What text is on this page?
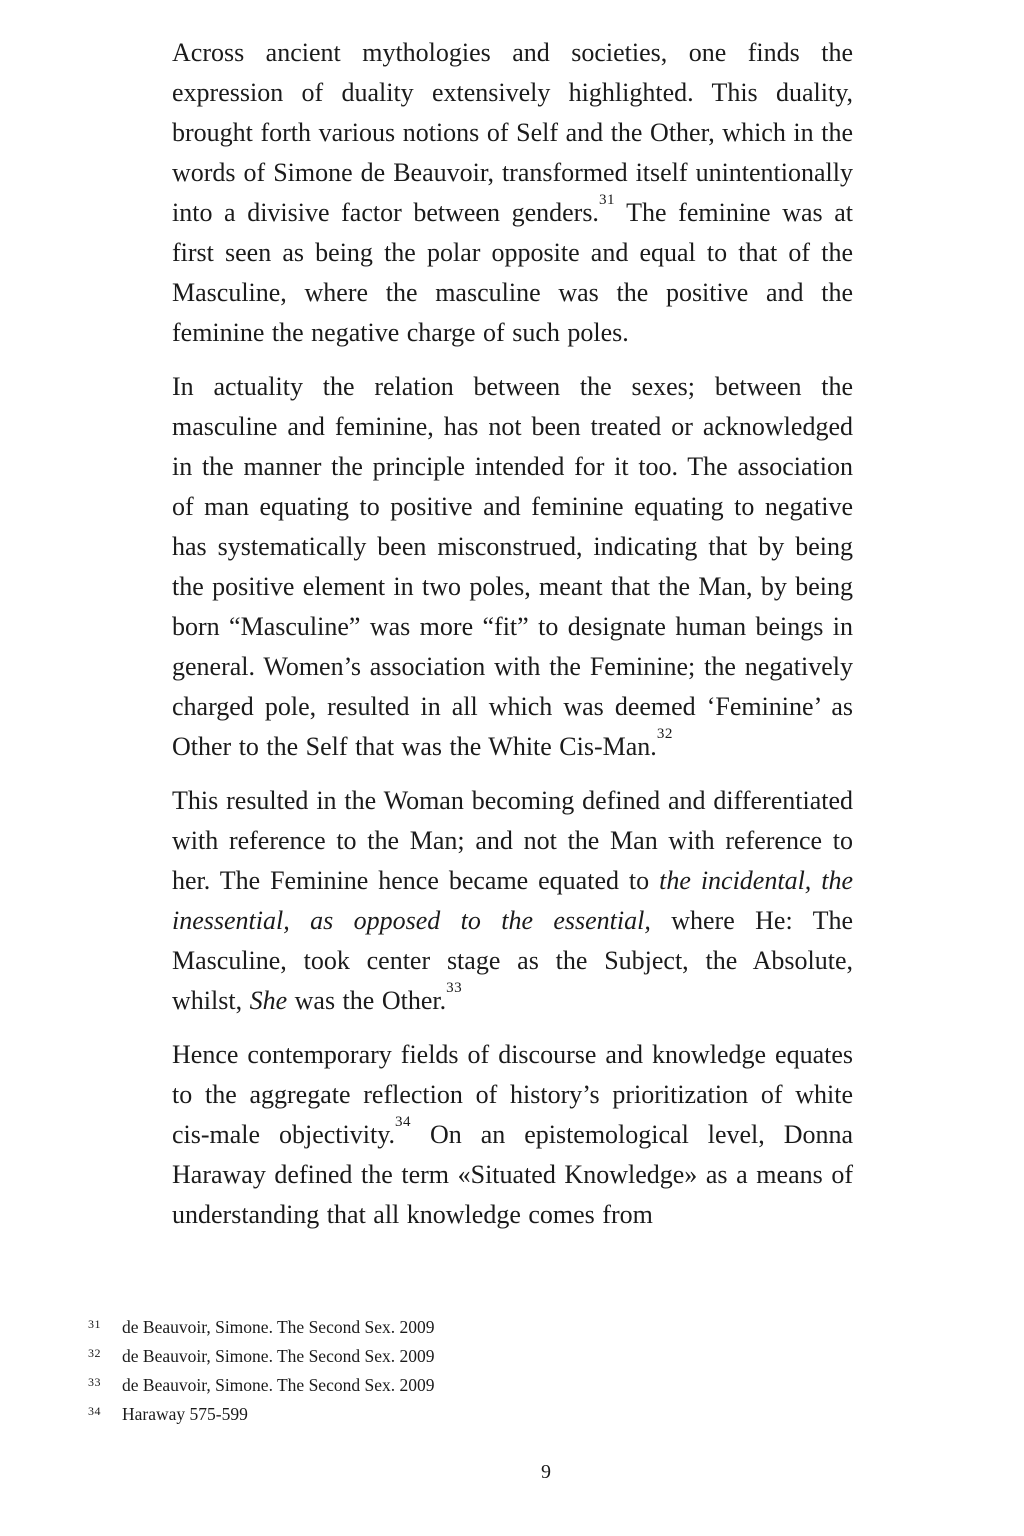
Across ancient mythologies and societies, one finds the expression of duality extensively highlighted. This duality, brought forth various notions of Self and the Other, which in the words of Simone de Beauvoir, transformed itself unintentionally into a divisive factor between genders.$^{31}$ The feminine was at first seen as being the polar opposite and equal to that of the Masculine, where the masculine was the positive and the feminine the negative charge of such poles.

In actuality the relation between the sexes; between the masculine and feminine, has not been treated or acknowledged in the manner the principle intended for it too. The association of man equating to positive and feminine equating to negative has systematically been misconstrued, indicating that by being the positive element in two poles, meant that the Man, by being born “Masculine” was more “fit” to designate human beings in general. Women’s association with the Feminine; the negatively charged pole, resulted in all which was deemed ‘Feminine’ as Other to the Self that was the White Cis-Man.$^{32}$

This resulted in the Woman becoming defined and differentiated with reference to the Man; and not the Man with reference to her. The Feminine hence became equated to the incidental, the inessential, as opposed to the essential, where He: The Masculine, took center stage as the Subject, the Absolute, whilst, She was the Other.$^{33}$

Hence contemporary fields of discourse and knowledge equates to the aggregate reflection of history’s prioritization of white cis-male objectivity.$^{34}$ On an epistemological level, Donna Haraway defined the term «Situated Knowledge» as a means of understanding that all knowledge comes from

31 de Beauvoir, Simone. The Second Sex. 2009
32 de Beauvoir, Simone. The Second Sex. 2009
33 de Beauvoir, Simone. The Second Sex. 2009
34 Haraway 575-599
9
